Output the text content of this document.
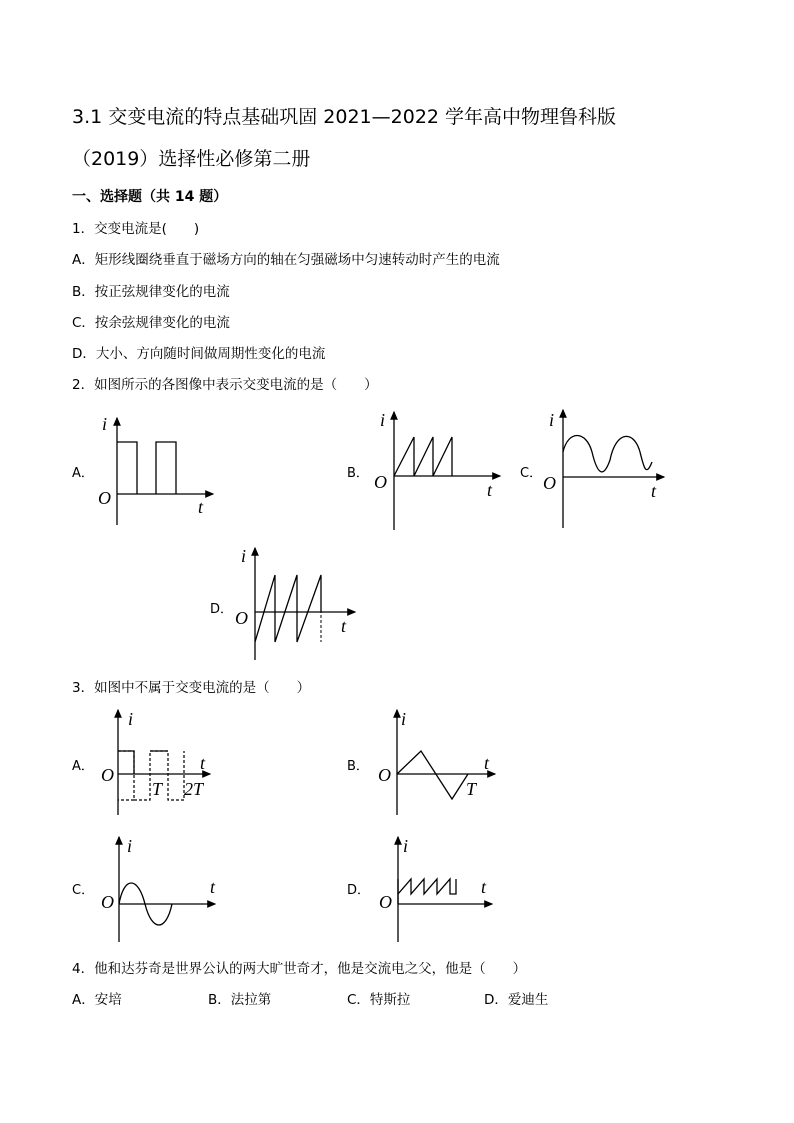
3.1 交变电流的特点基础巩固 2021—2022 学年高中物理鲁科版
（2019）选择性必修第二册
一、选择题（共 14 题）
1．交变电流是(　　)
A．矩形线圈绕垂直于磁场方向的轴在匀强磁场中匀速转动时产生的电流
B．按正弦规律变化的电流
C．按余弦规律变化的电流
D．大小、方向随时间做周期性变化的电流
2．如图所示的各图像中表示交变电流的是（　　）
A．
i
t
O
B．
i
t
O	C．
i
t
O
D．
i
t
O
3．如图中不属于交变电流的是（　　）
A．
i
t
O
T 2T
B．
i
t
O
T
C．
i
t
O
D．
i
t
O
4．他和达芬奇是世界公认的两大旷世奇才，他是交流电之父，他是（　　）
A．安培	B．法拉第	C．特斯拉	D．爱迪生
